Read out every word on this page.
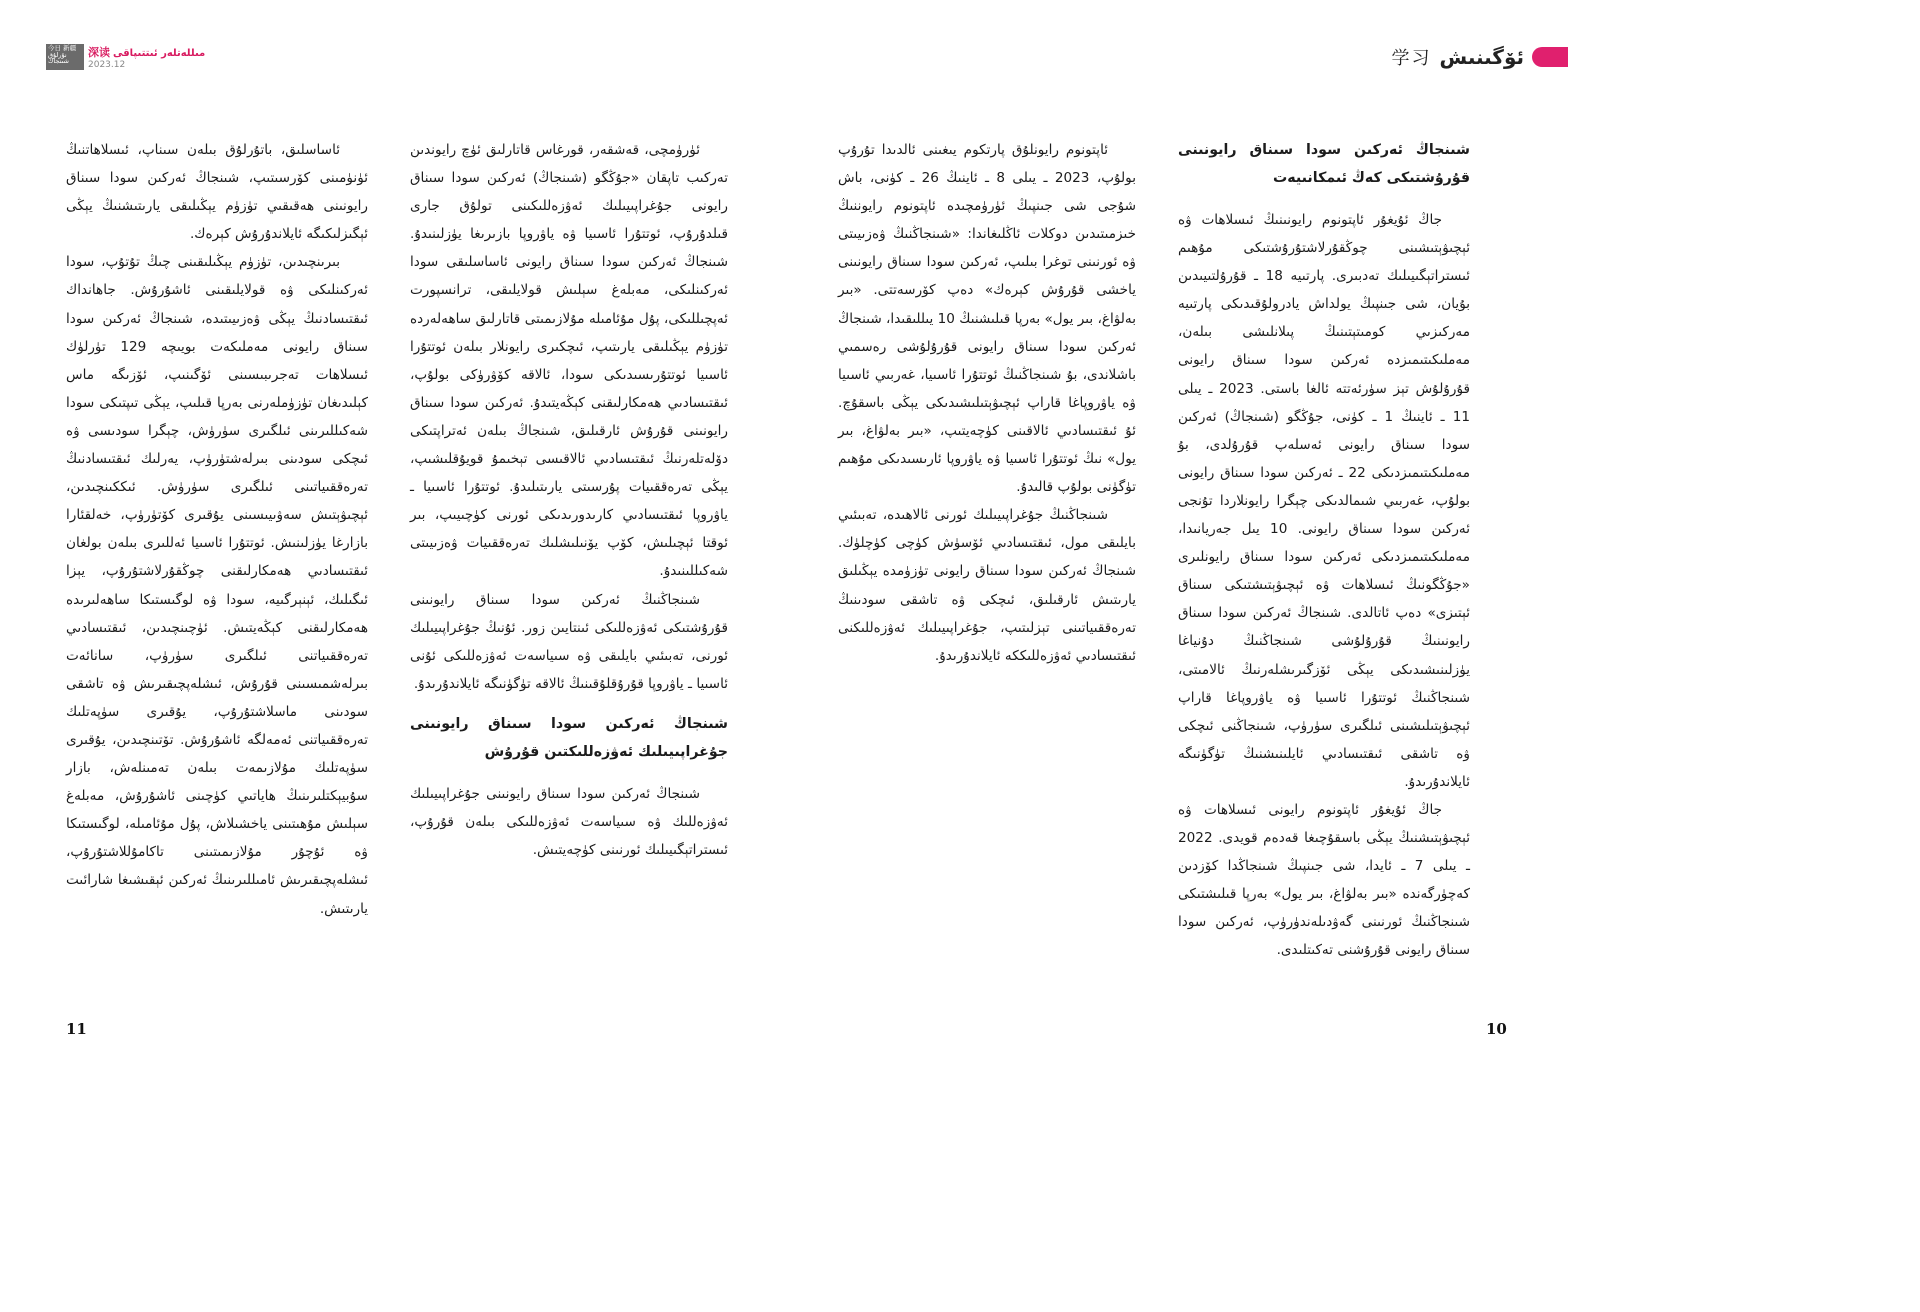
今日 新疆 نۇرلۇق شىنجاڭ
深读 مىللەتلەر ئىتتىپاقى
2023.12	学习 ئۆگىنىش
شىنجاڭ ئەركىن سودا سىناق رايونىنى قۇرۇشتىكى كەڭ ئىمكانىيەت

جاڭ ئۇيغۇر ئاپتونوم رايونىنىڭ ئىسلاھات ۋە ئېچىۋېتىشىنى چوڭقۇرلاشتۇرۇشتىكى مۇھىم ئىستراتېگىيىلىك تەدبىرى. پارتىيە 18 ـ قۇرۇلتىيىدىن بۇيان، شى جىنپىڭ يولداش يادرولۇقىدىكى پارتىيە مەركىزىي كومىتېتىنىڭ پىلانلىشى بىلەن، مەملىكىتىمىزدە ئەركىن سودا سىناق رايونى قۇرۇلۇش تېز سۈرئەتتە ئالغا باستى. 2023 ـ يىلى 11 ـ ئاينىڭ 1 ـ كۈنى، جۇڭگو (شىنجاڭ) ئەركىن سودا سىناق رايونى ئەسلەپ قۇرۇلدى، بۇ مەملىكىتىمىزدىكى 22 ـ ئەركىن سودا سىناق رايونى بولۇپ، غەربىي شىمالدىكى چېگرا رايونلاردا تۇنجى ئەركىن سودا سىناق رايونى. 10 يىل جەريانىدا، مەملىكىتىمىزدىكى ئەركىن سودا سىناق رايونلىرى «جۇڭگونىڭ ئىسلاھات ۋە ئېچىۋېتىشتىكى سىناق ئېتىزى» دەپ ئاتالدى. شىنجاڭ ئەركىن سودا سىناق رايونىنىڭ قۇرۇلۇشى شىنجاڭنىڭ دۇنياغا يۈزلىنىشىدىكى يېڭى ئۆزگىرىشلەرنىڭ ئالامىتى، شىنجاڭنىڭ ئوتتۇرا ئاسىيا ۋە ياۋروپاغا قاراپ ئېچىۋېتىلىشىنى ئىلگىرى سۈرۈپ، شىنجاڭنى ئىچكى ۋە تاشقى ئىقتىسادىي ئايلىنىشنىڭ تۈگۈنىگە ئايلاندۇرىدۇ.

جاڭ ئۇيغۇر ئاپتونوم رايونى ئىسلاھات ۋە ئېچىۋېتىشنىڭ يېڭى باسقۇچىغا قەدەم قويدى. 2022 ـ يىلى 7 ـ ئايدا، شى جىنپىڭ شىنجاڭدا كۆزدىن كەچۈرگەندە «بىر بەلۋاغ، بىر يول» بەرپا قىلىشتىكى شىنجاڭنىڭ ئورنىنى گەۋدىلەندۈرۈپ، ئەركىن سودا سىناق رايونى قۇرۇشنى تەكىتلىدى.

ئاپتونوم رايونلۇق پارتكوم يىغىنى ئالدىدا تۇرۇپ بولۇپ، 2023 ـ يىلى 8 ـ ئاينىڭ 26 ـ كۈنى، باش شۇجى شى جىنپىڭ ئۈرۈمچىدە ئاپتونوم رايوننىڭ خىزمىتىدىن دوكلات ئاڭلىغاندا: «شىنجاڭنىڭ ۋەزىيىتى ۋە ئورنىنى توغرا بىلىپ، ئەركىن سودا سىناق رايونىنى ياخشى قۇرۇش كېرەك» دەپ كۆرسەتتى. «بىر بەلۋاغ، بىر يول» بەرپا قىلىشنىڭ 10 يىللىقىدا، شىنجاڭ ئەركىن سودا سىناق رايونى قۇرۇلۇشى رەسمىي باشلاندى، بۇ شىنجاڭنىڭ ئوتتۇرا ئاسىيا، غەربىي ئاسىيا ۋە ياۋروپاغا قاراپ ئېچىۋېتىلىشىدىكى يېڭى باسقۇچ. ئۇ ئىقتىسادىي ئالاقىنى كۈچەيتىپ، «بىر بەلۋاغ، بىر يول» نىڭ ئوتتۇرا ئاسىيا ۋە ياۋروپا ئارىسىدىكى مۇھىم تۈگۈنى بولۇپ قالىدۇ.

شىنجاڭنىڭ جۇغراپىيىلىك ئورنى ئالاھىدە، تەبىئىي بايلىقى مول، ئىقتىسادىي ئۆسۈش كۈچى كۈچلۈك. شىنجاڭ ئەركىن سودا سىناق رايونى تۈزۈمدە يېڭىلىق يارىتىش ئارقىلىق، ئىچكى ۋە تاشقى سودىنىڭ تەرەققىياتىنى تېزلىتىپ، جۇغراپىيىلىك ئەۋزەللىكنى ئىقتىسادىي ئەۋزەللىككە ئايلاندۇرىدۇ.

ئۈرۈمچى، قەشقەر، قورغاس قاتارلىق ئۈچ رايوندىن تەركىب تاپقان «جۇڭگو (شىنجاڭ) ئەركىن سودا سىناق رايونى جۇغراپىيىلىك ئەۋزەللىكىنى تولۇق جارى قىلدۇرۇپ، ئوتتۇرا ئاسىيا ۋە ياۋروپا بازىرىغا يۈزلىنىدۇ. شىنجاڭ ئەركىن سودا سىناق رايونى ئاساسلىقى سودا ئەركىنلىكى، مەبلەغ سېلىش قولايلىقى، ترانسپورت ئەپچىللىكى، پۇل مۇئامىلە مۇلازىمىتى قاتارلىق ساھەلەردە تۈزۈم يېڭىلىقى يارىتىپ، ئىچكىرى رايونلار بىلەن ئوتتۇرا ئاسىيا ئوتتۇرىسىدىكى سودا، ئالاقە كۆۋرۈكى بولۇپ، ئىقتىسادىي ھەمكارلىقنى كېڭەيتىدۇ. ئەركىن سودا سىناق رايونىنى قۇرۇش ئارقىلىق، شىنجاڭ بىلەن ئەتراپتىكى دۆلەتلەرنىڭ ئىقتىسادىي ئالاقىسى تېخىمۇ قويۇقلىشىپ، يېڭى تەرەققىيات پۇرسىتى يارىتىلىدۇ. ئوتتۇرا ئاسىيا ـ ياۋروپا ئىقتىسادىي كارىدورىدىكى ئورنى كۈچىيىپ، بىر ئوقتا ئېچىلىش، كۆپ يۆنىلىشلىك تەرەققىيات ۋەزىيىتى شەكىللىنىدۇ.

شىنجاڭنىڭ ئەركىن سودا سىناق رايونىنى قۇرۇشتىكى ئەۋزەللىكى ئىنتايىن زور. ئۇنىڭ جۇغراپىيىلىك ئورنى، تەبىئىي بايلىقى ۋە سىياسەت ئەۋزەللىكى ئۇنى ئاسىيا ـ ياۋروپا قۇرۇقلۇقىنىڭ ئالاقە تۈگۈنىگە ئايلاندۇرىدۇ.

شىنجاڭ ئەركىن سودا سىناق رايونىنى جۇغراپىيىلىك ئەۋزەللىكتىن قۇرۇش

شىنجاڭ ئەركىن سودا سىناق رايونىنى جۇغراپىيىلىك ئەۋزەللىك ۋە سىياسەت ئەۋزەللىكى بىلەن قۇرۇپ، ئىستراتېگىيىلىك ئورنىنى كۈچەيتىش.

ئاساسلىق، باتۇرلۇق بىلەن سىناپ، ئىسلاھاتنىڭ ئۈنۈمىنى كۆرسىتىپ، شىنجاڭ ئەركىن سودا سىناق رايونىنى ھەقىقىي تۈزۈم يېڭىلىقى يارىتىشنىڭ يېڭى ئېگىزلىكىگە ئايلاندۇرۇش كېرەك.

بىرىنچىدىن، تۈزۈم يېڭىلىقىنى چىڭ تۇتۇپ، سودا ئەركىنلىكى ۋە قولايلىقىنى ئاشۇرۇش. جاھانداك ئىقتىسادنىڭ يېڭى ۋەزىيىتىدە، شىنجاڭ ئەركىن سودا سىناق رايونى مەملىكەت بويىچە 129 تۈرلۈك ئىسلاھات تەجرىبىسىنى ئۆگىنىپ، ئۆزىگە ماس كېلىدىغان تۈزۈملەرنى بەرپا قىلىپ، يېڭى تىپتىكى سودا شەكىللىرىنى ئىلگىرى سۈرۈش، چېگرا سودىسى ۋە ئىچكى سودىنى بىرلەشتۈرۈپ، يەرلىك ئىقتىسادنىڭ تەرەققىياتىنى ئىلگىرى سۈرۈش. ئىككىنچىدىن، ئېچىۋېتىش سەۋىيىسىنى يۇقىرى كۆتۈرۈپ، خەلقئارا بازارغا يۈزلىنىش. ئوتتۇرا ئاسىيا ئەللىرى بىلەن بولغان ئىقتىسادىي ھەمكارلىقنى چوڭقۇرلاشتۇرۇپ، يېزا ئىگىلىك، ئېنېرگىيە، سودا ۋە لوگىستىكا ساھەلىرىدە ھەمكارلىقنى كېڭەيتىش. ئۈچىنچىدىن، ئىقتىسادىي تەرەققىياتنى ئىلگىرى سۈرۈپ، سانائەت بىرلەشمىسىنى قۇرۇش، ئىشلەپچىقىرىش ۋە تاشقى سودىنى ماسلاشتۇرۇپ، يۇقىرى سۈپەتلىك تەرەققىياتنى ئەمەلگە ئاشۇرۇش. تۆتىنچىدىن، يۇقىرى سۈپەتلىك مۇلازىمەت بىلەن تەمىنلەش، بازار سۇبيېكتلىرىنىڭ ھاياتىي كۈچىنى ئاشۇرۇش، مەبلەغ سېلىش مۇھىتىنى ياخشىلاش، پۇل مۇئامىلە، لوگىستىكا ۋە ئۇچۇر مۇلازىمىتىنى تاكامۇللاشتۇرۇپ، ئىشلەپچىقىرىش ئامىللىرىنىڭ ئەركىن ئېقىشىغا شارائىت يارىتىش.

11	10
